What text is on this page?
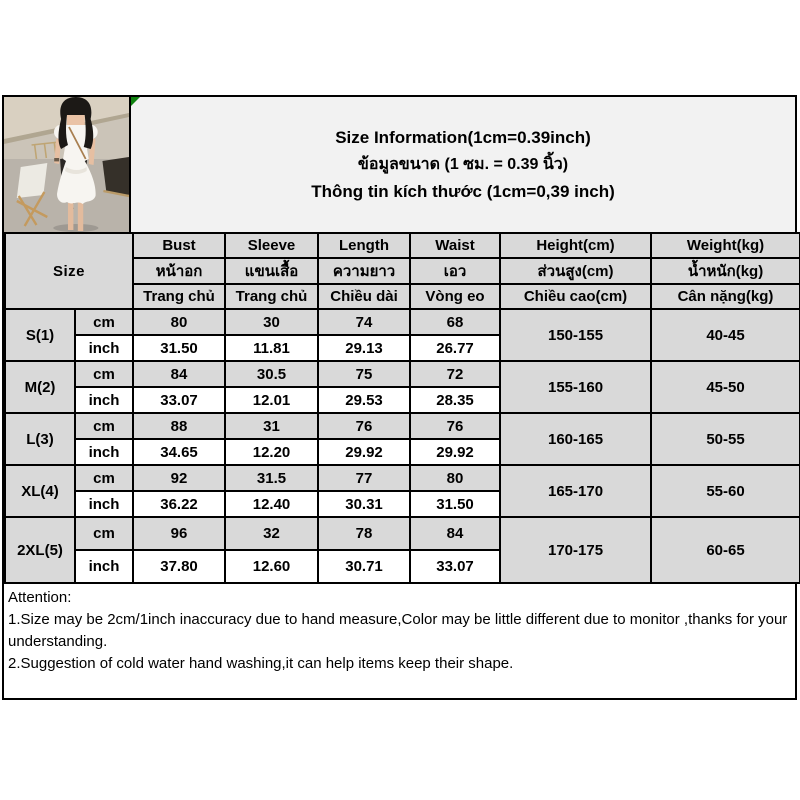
Size Information(1cm=0.39inch)
ข้อมูลขนาด (1 ซม. = 0.39 นิ้ว)
Thông tin kích thước (1cm=0,39 inch)
Size		Bust	Sleeve	Length	Waist	Height(cm)	Weight(kg)
		หน้าอก	แขนเสื้อ	ความยาว	เอว	ส่วนสูง(cm)	น้ำหนัก(kg)
		Trang chủ	Trang chủ	Chiều dài	Vòng eo	Chiều cao(cm)	Cân nặng(kg)
S(1)	cm	80	30	74	68	150-155	40-45
	inch	31.50	11.81	29.13	26.77		
M(2)	cm	84	30.5	75	72	155-160	45-50
	inch	33.07	12.01	29.53	28.35		
L(3)	cm	88	31	76	76	160-165	50-55
	inch	34.65	12.20	29.92	29.92		
XL(4)	cm	92	31.5	77	80	165-170	55-60
	inch	36.22	12.40	30.31	31.50		
2XL(5)	cm	96	32	78	84	170-175	60-65
	inch	37.80	12.60	30.71	33.07		
Attention:
1.Size may be 2cm/1inch inaccuracy due to hand measure,Color may be little different due to monitor ,thanks for your understanding.
2.Suggestion of cold water hand washing,it can help items keep their shape.
